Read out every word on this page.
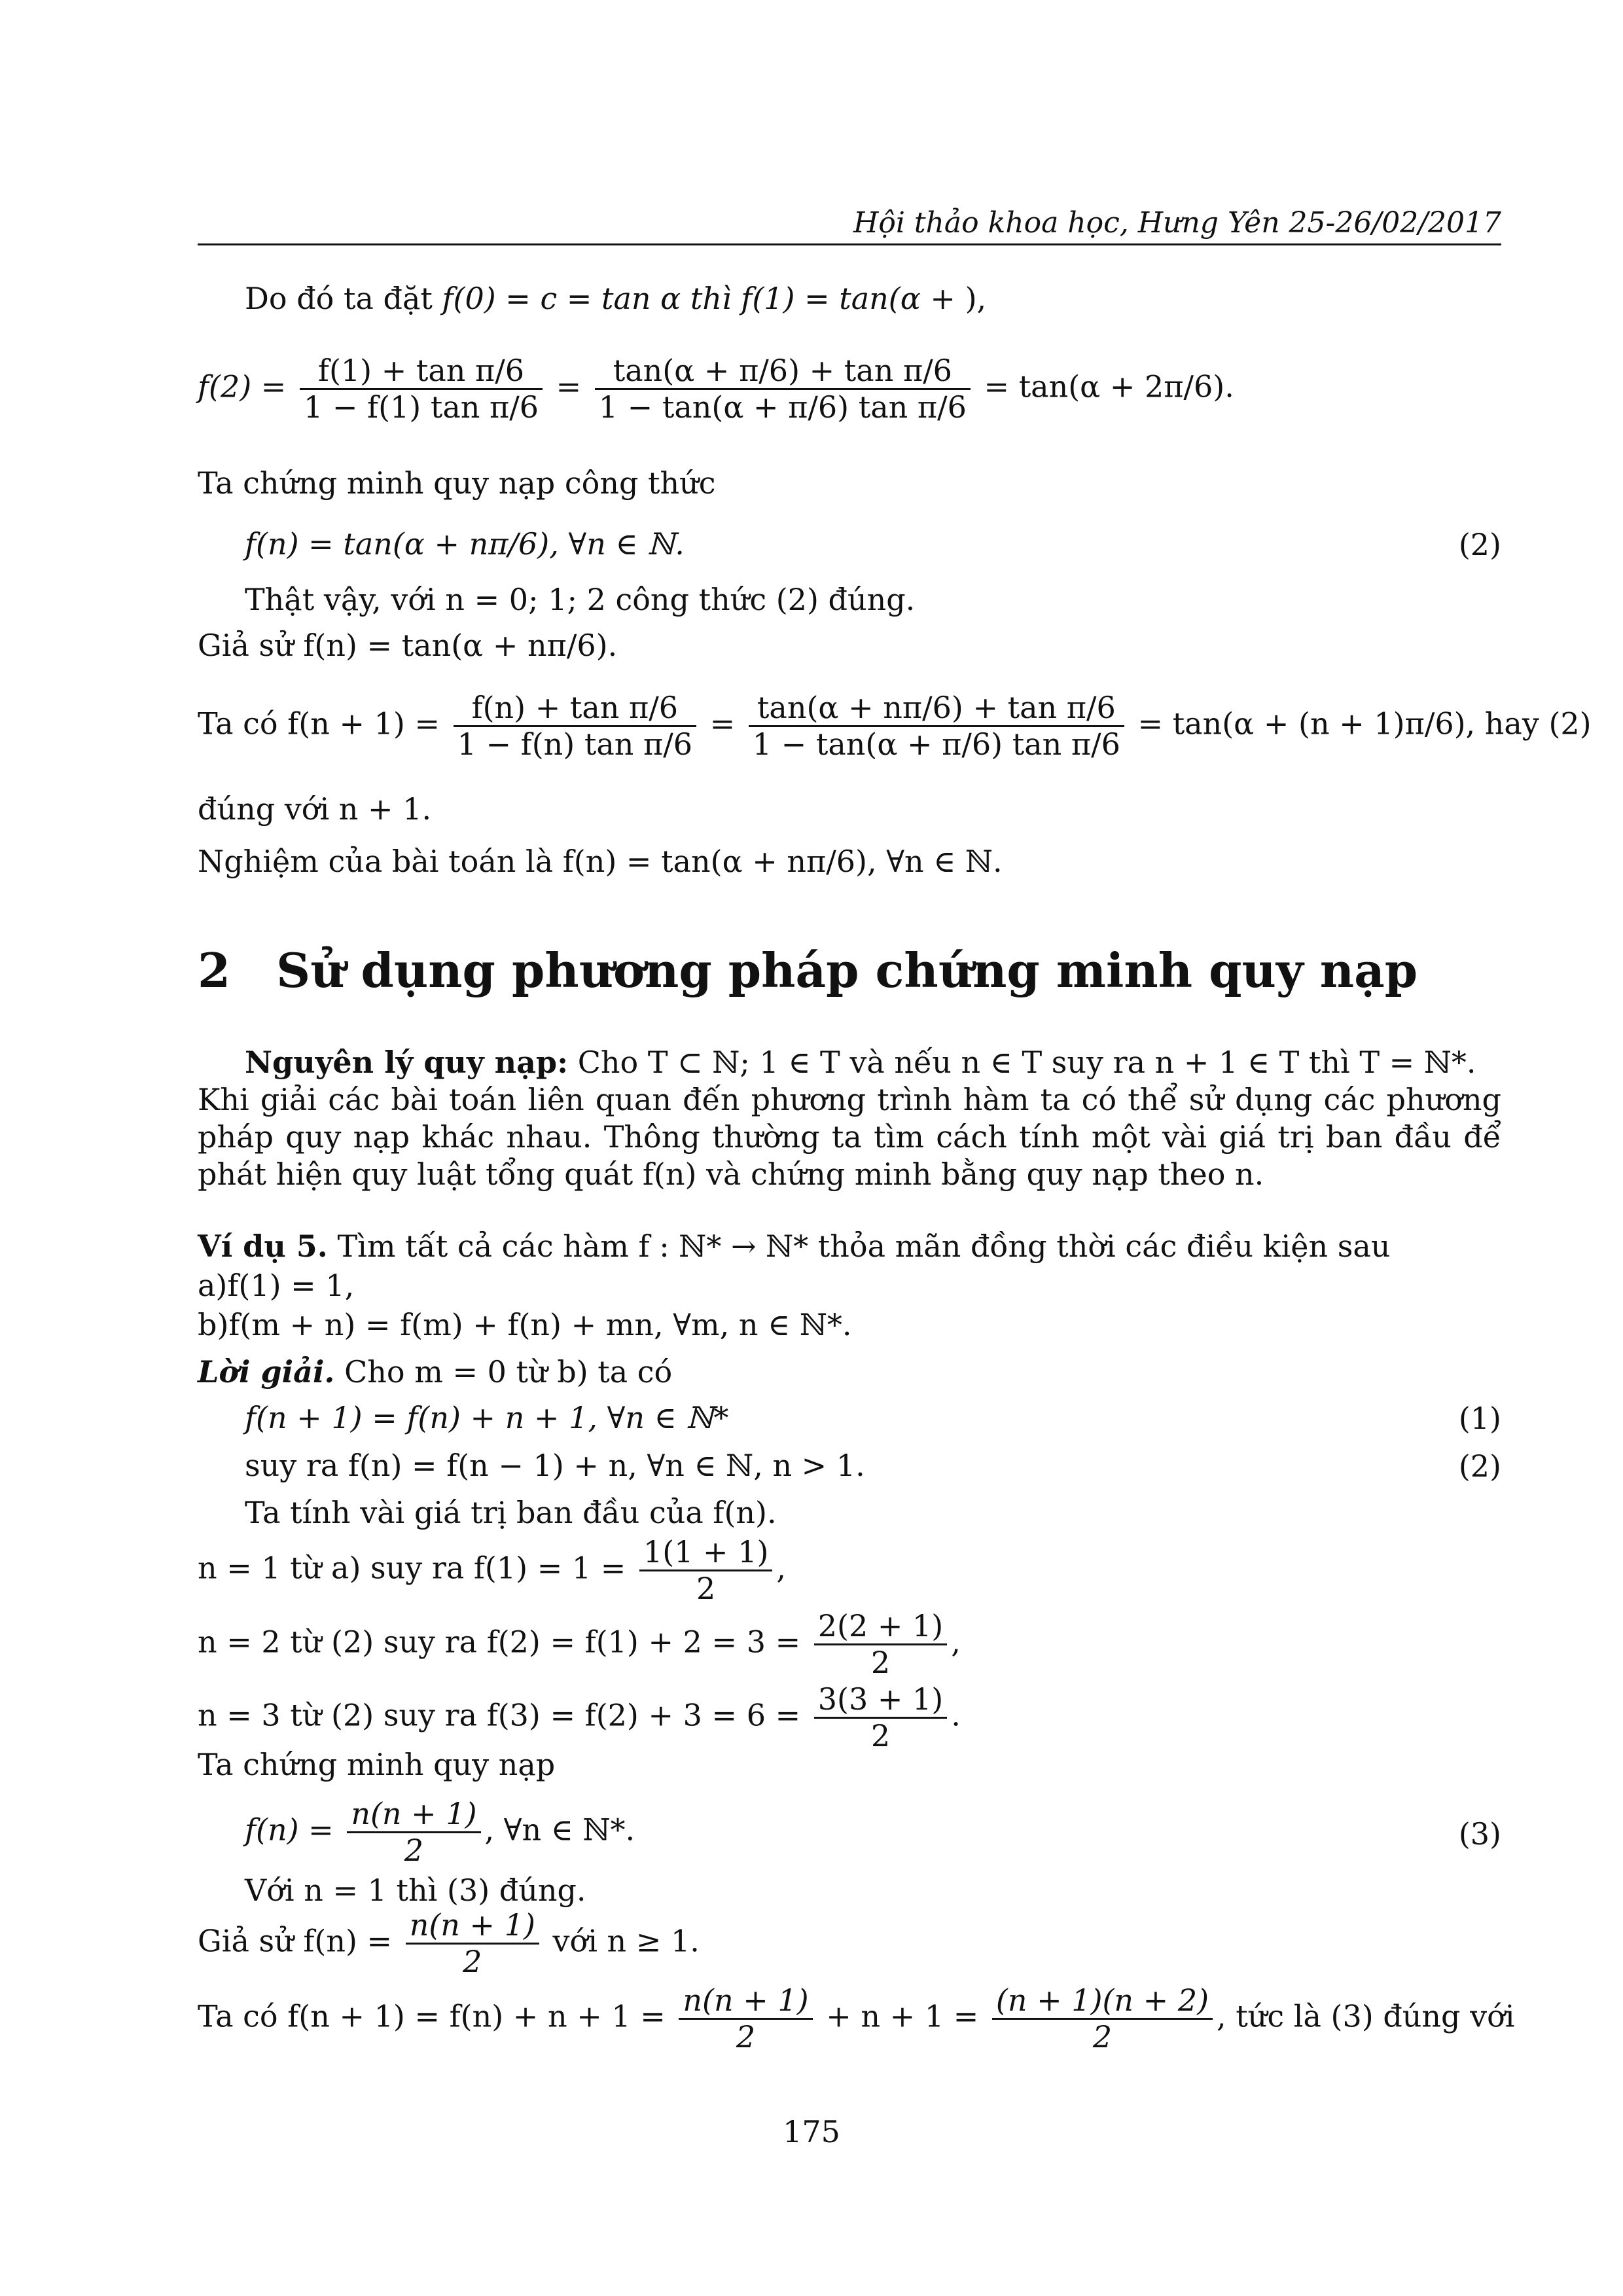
Hội thảo khoa học, Hưng Yên 25-26/02/2017
Do đó ta đặt f(0) = c = tan α thì f(1) = tan(α + ),
$f(2) = \frac{\text{f(1) + tan π/6}}{\text{1 − f(1) tan π/6}} = \frac{\text{tan(α + π/6) + tan π/6}}{\text{1 − tan(α + π/6) tan π/6}} = \tan(\alpha + 2\pi/6)$.
Ta chứng minh quy nạp công thức
f(n) = tan(α + nπ/6), ∀n ∈ ℕ.	(2)
Thật vậy, với n = 0; 1; 2 công thức (2) đúng.
Giả sử f(n) = tan(α + nπ/6).
Ta có $f(n + 1) = \frac{\text{f(n) + tan π/6}}{\text{1 − f(n) tan π/6}} = \frac{\text{tan(α + nπ/6) + tan π/6}}{\text{1 − tan(α + π/6) tan π/6}} = \tan(\alpha + (n + 1)\pi/6)$, hay (2)
đúng với n + 1.
Nghiệm của bài toán là f(n) = tan(α + nπ/6), ∀n ∈ ℕ.
2 Sử dụng phương pháp chứng minh quy nạp
Nguyên lý quy nạp: Cho T ⊂ ℕ; 1 ∈ T và nếu n ∈ T suy ra n + 1 ∈ T thì T = ℕ*.
Khi giải các bài toán liên quan đến phương trình hàm ta có thể sử dụng các phương pháp quy nạp khác nhau. Thông thường ta tìm cách tính một vài giá trị ban đầu để phát hiện quy luật tổng quát f(n) và chứng minh bằng quy nạp theo n.
Ví dụ 5. Tìm tất cả các hàm f : ℕ* → ℕ* thỏa mãn đồng thời các điều kiện sau
a)f(1) = 1,
b)f(m + n) = f(m) + f(n) + mn, ∀m, n ∈ ℕ*.
Lời giải. Cho m = 0 từ b) ta có
f(n + 1) = f(n) + n + 1, ∀n ∈ ℕ*	(1)
suy ra f(n) = f(n − 1) + n, ∀n ∈ ℕ, n > 1.	(2)
Ta tính vài giá trị ban đầu của f(n).
n = 1 từ a) suy ra $f(1) = 1 = \frac{1(1 + 1)}{2}$ ,
n = 2 từ (2) suy ra $f(2) = f(1) + 2 = 3 = \frac{2(2 + 1)}{2}$ ,
n = 3 từ (2) suy ra $f(3) = f(2) + 3 = 6 = \frac{3(3 + 1)}{2}$ .
Ta chứng minh quy nạp
$f(n) = \frac{n(n + 1)}{2}$ , ∀n ∈ ℕ*.	(3)
Với n = 1 thì (3) đúng.
Giả sử $f(n) = \frac{n(n + 1)}{2}$ với n ≥ 1.
Ta có $f(n + 1) = f(n) + n + 1 = \frac{n(n + 1)}{2} + n + 1 = \frac{(n + 1)(n + 2)}{2}$ , tức là (3) đúng với
175
